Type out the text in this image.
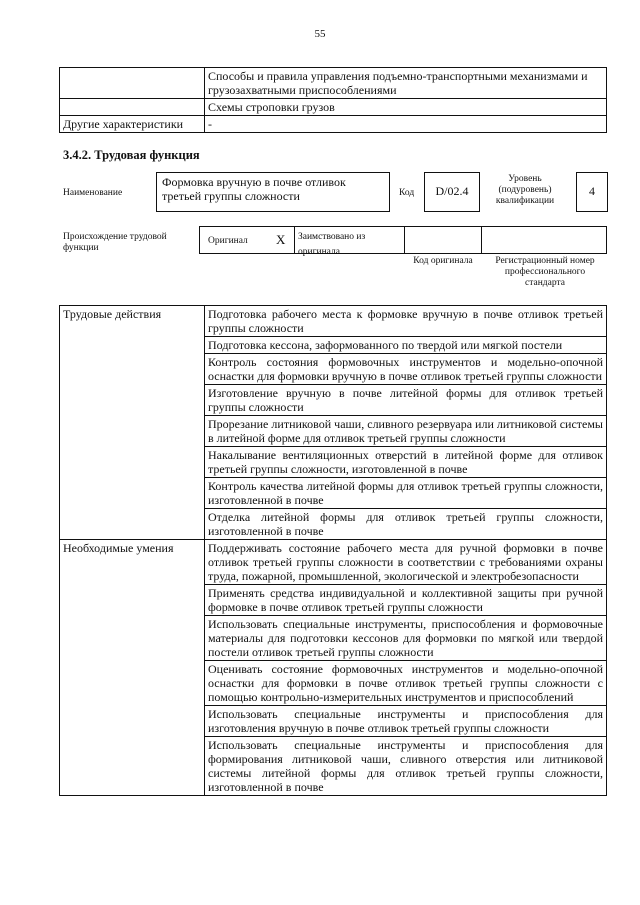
55
	Способы и правила управления подъемно-транспортными механизмами и грузозахватными приспособлениями
	Схемы строповки грузов
Другие характеристики	-
3.4.2. Трудовая функция
Наименование
Формовка вручную в почве отливок третьей группы сложности	Код	D/02.4
Уровень (подуровень) квалификации
4
Происхождение трудовой функции
Оригинал X	Заимствовано из оригинала
Код оригинала	Регистрационный номер профессионального стандарта
Трудовые действия	Подготовка рабочего места к формовке вручную в почве отливок третьей группы сложности
	Подготовка кессона, заформованного по твердой или мягкой постели
	Контроль состояния формовочных инструментов и модельно-опочной оснастки для формовки вручную в почве отливок третьей группы сложности
	Изготовление вручную в почве литейной формы для отливок третьей группы сложности
	Прорезание литниковой чаши, сливного резервуара или литниковой системы в литейной форме для отливок третьей группы сложности
	Накалывание вентиляционных отверстий в литейной форме для отливок третьей группы сложности, изготовленной в почве
	Контроль качества литейной формы для отливок третьей группы сложности, изготовленной в почве
	Отделка литейной формы для отливок третьей группы сложности, изготовленной в почве
Необходимые умения	Поддерживать состояние рабочего места для ручной формовки в почве отливок третьей группы сложности в соответствии с требованиями охраны труда, пожарной, промышленной, экологической и электробезопасности
	Применять средства индивидуальной и коллективной защиты при ручной формовке в почве отливок третьей группы сложности
	Использовать специальные инструменты, приспособления и формовочные материалы для подготовки кессонов для формовки по мягкой или твердой постели отливок третьей группы сложности
	Оценивать состояние формовочных инструментов и модельно-опочной оснастки для формовки в почве отливок третьей группы сложности с помощью контрольно-измерительных инструментов и приспособлений
	Использовать специальные инструменты и приспособления для изготовления вручную в почве отливок третьей группы сложности
	Использовать специальные инструменты и приспособления для формирования литниковой чаши, сливного отверстия или литниковой системы литейной формы для отливок третьей группы сложности, изготовленной в почве
